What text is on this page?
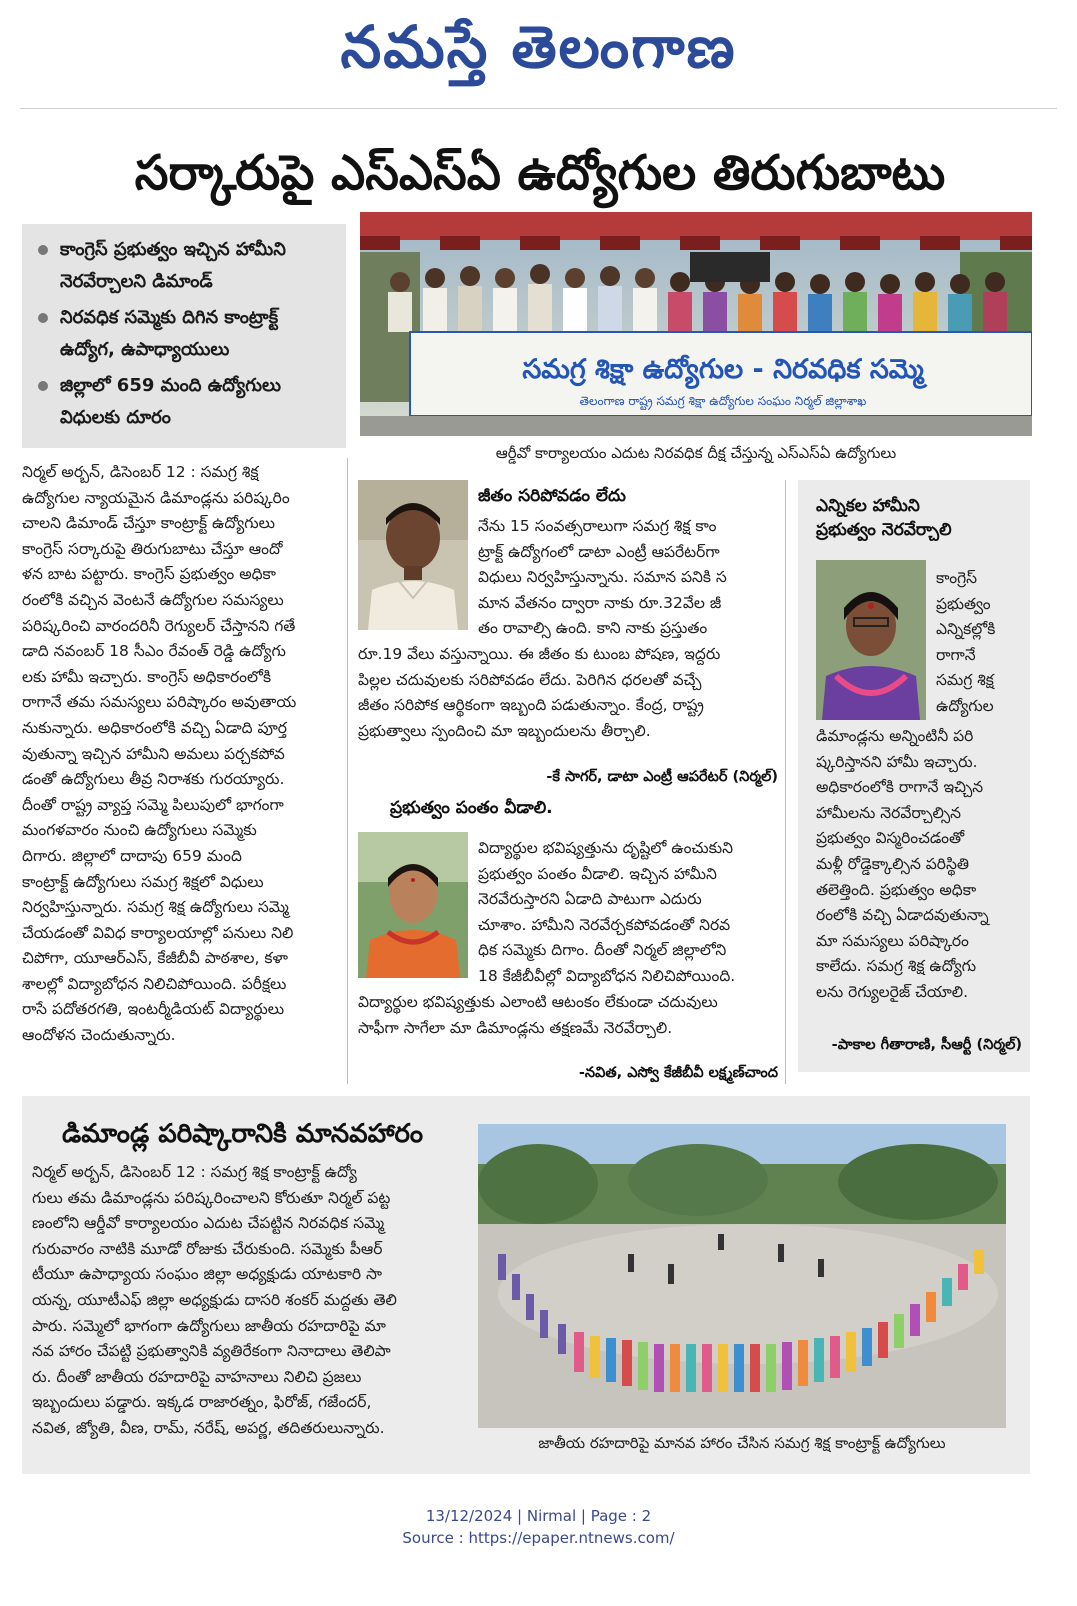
నమస్తే తెలంగాణ
సర్కారుపై ఎస్ఎస్ఏ ఉద్యోగుల తిరుగుబాటు
కాంగ్రెస్ ప్రభుత్వం ఇచ్చిన హామీని
నెరవేర్చాలని డిమాండ్
నిరవధిక సమ్మెకు దిగిన కాంట్రాక్ట్
ఉద్యోగ, ఉపాధ్యాయులు
జిల్లాలో 659 మంది ఉద్యోగులు
విధులకు దూరం
సమగ్ర శిక్షా ఉద్యోగుల - నిరవధిక సమ్మె
తెలంగాణ రాష్ట్ర సమగ్ర శిక్షా ఉద్యోగుల సంఘం నిర్మల్ జిల్లాశాఖ
ఆర్డీవో కార్యాలయం ఎదుట నిరవధిక దీక్ష చేస్తున్న ఎస్ఎస్ఏ ఉద్యోగులు
నిర్మల్ అర్బన్, డిసెంబర్ 12 : సమగ్ర శిక్ష
ఉద్యోగుల న్యాయమైన డిమాండ్లను పరిష్కరిం
చాలని డిమాండ్ చేస్తూ కాంట్రాక్ట్ ఉద్యోగులు
కాంగ్రెస్ సర్కారుపై తిరుగుబాటు చేస్తూ ఆందో
ళన బాట పట్టారు. కాంగ్రెస్ ప్రభుత్వం అధికా
రంలోకి వచ్చిన వెంటనే ఉద్యోగుల సమస్యలు
పరిష్కరించి వారందరినీ రెగ్యులర్ చేస్తానని గతే
డాది నవంబర్ 18 సీఎం రేవంత్ రెడ్డి ఉద్యోగు
లకు హామీ ఇచ్చారు. కాంగ్రెస్ అధికారంలోకి
రాగానే తమ సమస్యలు పరిష్కారం అవుతాయ
నుకున్నారు. అధికారంలోకి వచ్చి ఏడాది పూర్త
వుతున్నా ఇచ్చిన హామీని అమలు పర్చకపోవ
డంతో ఉద్యోగులు తీవ్ర నిరాశకు గురయ్యారు.
దీంతో రాష్ట్ర వ్యాప్త సమ్మె పిలుపులో భాగంగా
మంగళవారం నుంచి ఉద్యోగులు సమ్మెకు
దిగారు. జిల్లాలో దాదాపు 659 మంది
కాంట్రాక్ట్ ఉద్యోగులు సమగ్ర శిక్షలో విధులు
నిర్వహిస్తున్నారు. సమగ్ర శిక్ష ఉద్యోగులు సమ్మె
చేయడంతో వివిధ కార్యాలయాల్లో పనులు నిలి
చిపోగా, యూఆర్ఎస్, కేజీబీవీ పాఠశాల, కళా
శాలల్లో విద్యాబోధన నిలిచిపోయింది. పరీక్షలు
రాసే పదోతరగతి, ఇంటర్మీడియట్ విద్యార్థులు
ఆందోళన చెందుతున్నారు.
జీతం సరిపోవడం లేదు
నేను 15 సంవత్సరాలుగా సమగ్ర శిక్ష కాం
ట్రాక్ట్ ఉద్యోగంలో డాటా ఎంట్రీ ఆపరేటర్‌గా
విధులు నిర్వహిస్తున్నాను. సమాన పనికి స
మాన వేతనం ద్వారా నాకు రూ.32వేల జీ
తం రావాల్సి ఉంది. కాని నాకు ప్రస్తుతం
రూ.19 వేలు వస్తున్నాయి. ఈ జీతం కు టుంబ పోషణ, ఇద్దరు
పిల్లల చదువులకు సరిపోవడం లేదు. పెరిగిన ధరలతో వచ్చే
జీతం సరిపోక ఆర్థికంగా ఇబ్బంది పడుతున్నాం. కేంద్ర, రాష్ట్ర
ప్రభుత్వాలు స్పందించి మా ఇబ్బందులను తీర్చాలి.
-కే సాగర్, డాటా ఎంట్రీ ఆపరేటర్ (నిర్మల్)
ప్రభుత్వం పంతం వీడాలి.
విద్యార్థుల భవిష్యత్తును దృష్టిలో ఉంచుకుని
ప్రభుత్వం పంతం వీడాలి. ఇచ్చిన హామీని
నెరవేరుస్తారని ఏడాది పాటుగా ఎదురు
చూశాం. హామీని నెరవేర్చకపోవడంతో నిరవ
ధిక సమ్మెకు దిగాం. దీంతో నిర్మల్ జిల్లాలోని
18 కేజీబీవీల్లో విద్యాబోధన నిలిచిపోయింది.
విద్యార్థుల భవిష్యత్తుకు ఎలాంటి ఆటంకం లేకుండా చదువులు
సాఫీగా సాగేలా మా డిమాండ్లను తక్షణమే నెరవేర్చాలి.
-నవిత, ఎస్వో కేజీబీవీ లక్ష్మణ్‌చాంద
ఎన్నికల హామీని
ప్రభుత్వం నెరవేర్చాలి
కాంగ్రెస్
ప్రభుత్వం
ఎన్నికల్లోకి
రాగానే
సమగ్ర శిక్ష
ఉద్యోగుల
డిమాండ్లను అన్నింటినీ పరి
ష్కరిస్తానని హామీ ఇచ్చారు.
అధికారంలోకి రాగానే ఇచ్చిన
హామీలను నెరవేర్చాల్సిన
ప్రభుత్వం విస్మరించడంతో
మళ్లీ రోడ్డెక్కాల్సిన పరిస్థితి
తలెత్తింది. ప్రభుత్వం అధికా
రంలోకి వచ్చి ఏడాదవుతున్నా
మా సమస్యలు పరిష్కారం
కాలేదు. సమగ్ర శిక్ష ఉద్యోగు
లను రెగ్యులరైజ్ చేయాలి.
-పాకాల గీతారాణి, సీఆర్టీ (నిర్మల్)
డిమాండ్ల పరిష్కారానికి మానవహారం
నిర్మల్ అర్బన్, డిసెంబర్ 12 : సమగ్ర శిక్ష కాంట్రాక్ట్ ఉద్యో
గులు తమ డిమాండ్లను పరిష్కరించాలని కోరుతూ నిర్మల్ పట్ట
ణంలోని ఆర్డీవో కార్యాలయం ఎదుట చేపట్టిన నిరవధిక సమ్మె
గురువారం నాటికి మూడో రోజుకు చేరుకుంది. సమ్మెకు పీఆర్
టీయూ ఉపాధ్యాయ సంఘం జిల్లా అధ్యక్షుడు యాటకారి సా
యన్న, యూటీఎఫ్ జిల్లా అధ్యక్షుడు దాసరి శంకర్ మద్దతు తెలి
పారు. సమ్మెలో భాగంగా ఉద్యోగులు జాతీయ రహదారిపై మా
నవ హారం చేపట్టి ప్రభుత్వానికి వ్యతిరేకంగా నినాదాలు తెలిపా
రు. దీంతో జాతీయ రహదారిపై వాహనాలు నిలిచి ప్రజలు
ఇబ్బందులు పడ్డారు. ఇక్కడ రాజారత్నం, ఫిరోజ్, గజేందర్,
నవిత, జ్యోతి, వీణ, రామ్, నరేష్, అపర్ణ, తదితరులున్నారు.
జాతీయ రహదారిపై మానవ హారం చేసిన సమగ్ర శిక్ష కాంట్రాక్ట్ ఉద్యోగులు
13/12/2024 | Nirmal | Page : 2
Source : https://epaper.ntnews.com/
